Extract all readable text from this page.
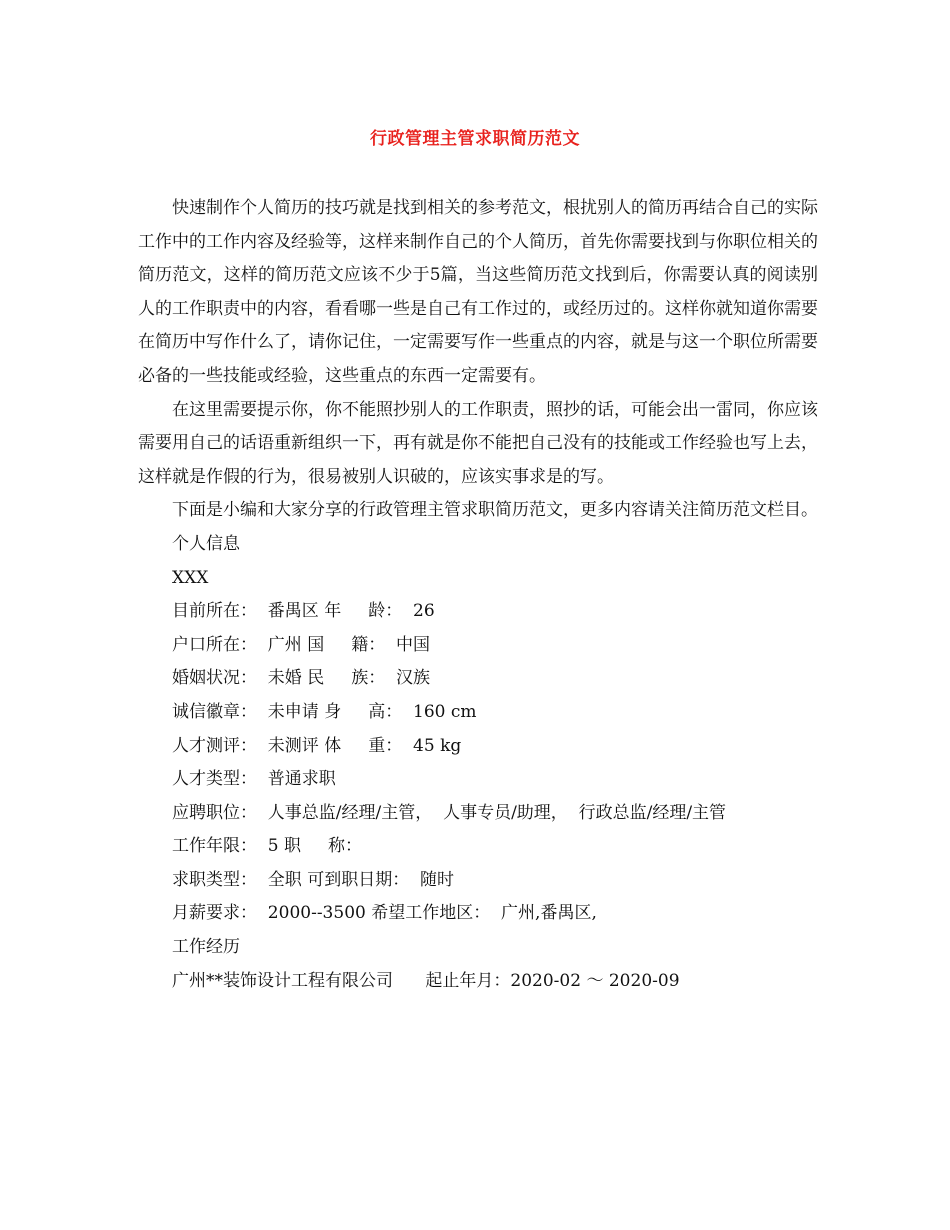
行政管理主管求职简历范文

快速制作个人简历的技巧就是找到相关的参考范文，根扰别人的简历再结合自己的实际工作中的工作内容及经验等，这样来制作自己的个人简历，首先你需要找到与你职位相关的简历范文，这样的简历范文应该不少于5篇，当这些简历范文找到后，你需要认真的阅读别人的工作职责中的内容，看看哪一些是自己有工作过的，或经历过的。这样你就知道你需要在简历中写作什么了，请你记住，一定需要写作一些重点的内容，就是与这一个职位所需要必备的一些技能或经验，这些重点的东西一定需要有。

在这里需要提示你，你不能照抄别人的工作职责，照抄的话，可能会出一雷同，你应该需要用自己的话语重新组织一下，再有就是你不能把自己没有的技能或工作经验也写上去，这样就是作假的行为，很易被别人识破的，应该实事求是的写。

下面是小编和大家分享的行政管理主管求职简历范文，更多内容请关注简历范文栏目。

个人信息

XXX

目前所在：  番禺区 年     龄：  26

户口所在：  广州 国     籍：  中国

婚姻状况：  未婚 民     族：  汉族

诚信徽章：  未申请 身     高：  160 cm

人才测评：  未测评 体     重：  45 kg

人才类型：  普通求职

应聘职位：  人事总监/经理/主管，  人事专员/助理，  行政总监/经理/主管

工作年限：  5 职     称：

求职类型：  全职 可到职日期：  随时

月薪要求：  2000--3500 希望工作地区：  广州,番禺区,

工作经历

广州**装饰设计工程有限公司      起止年月：2020-02 ～ 2020-09
